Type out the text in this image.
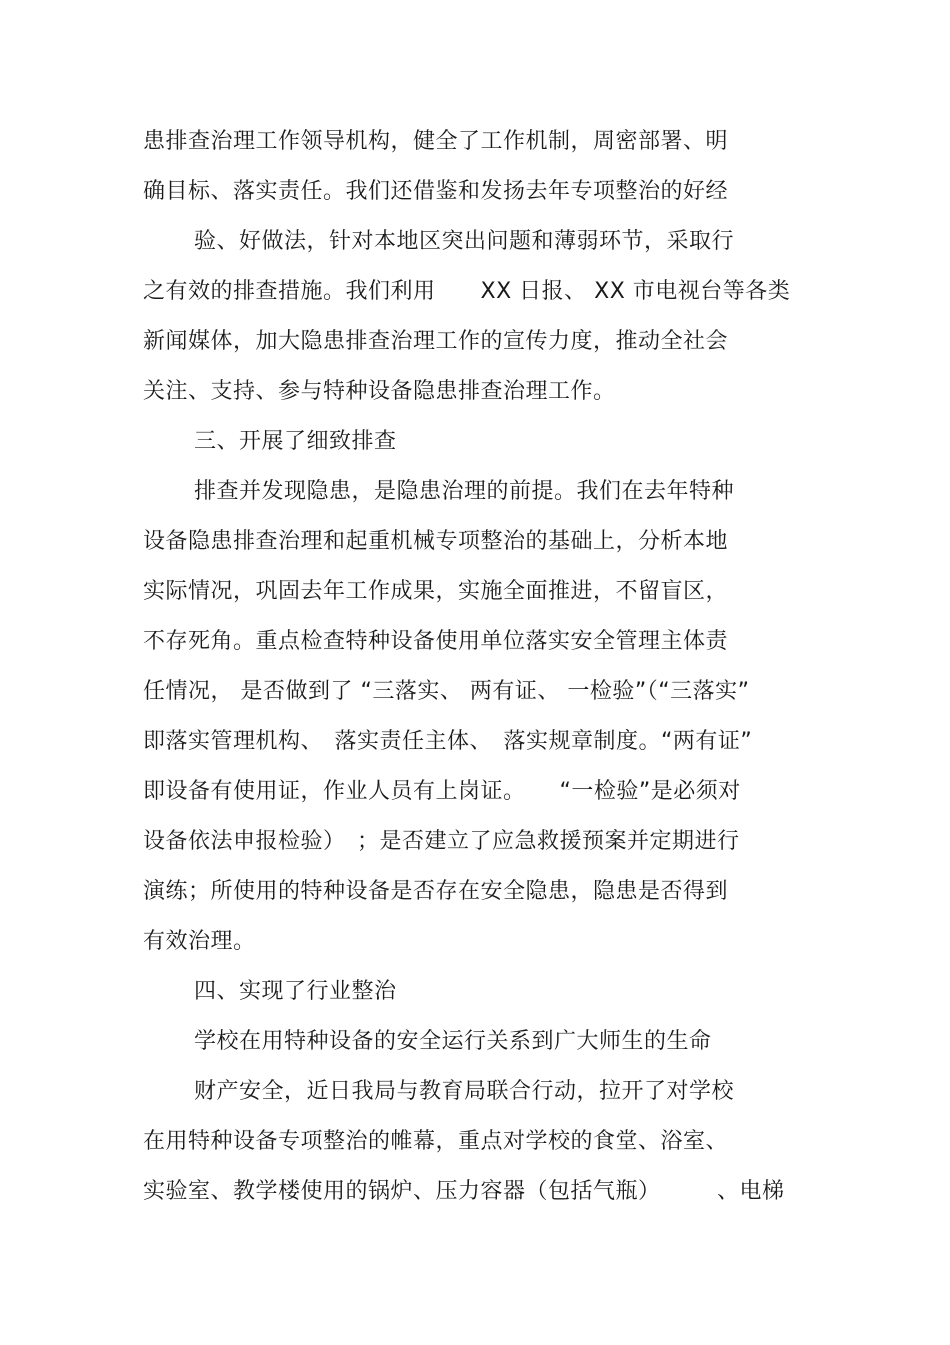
患排查治理工作领导机构，健全了工作机制，周密部署、明
确目标、落实责任。我们还借鉴和发扬去年专项整治的好经
验、好做法，针对本地区突出问题和薄弱环节，采取行
之有效的排查措施。我们利用　　XX 日报、 XX 市电视台等各类
新闻媒体，加大隐患排查治理工作的宣传力度，推动全社会
关注、支持、参与特种设备隐患排查治理工作。
三、开展了细致排查
排查并发现隐患，是隐患治理的前提。我们在去年特种
设备隐患排查治理和起重机械专项整治的基础上，分析本地
实际情况，巩固去年工作成果，实施全面推进，不留盲区，
不存死角。重点检查特种设备使用单位落实安全管理主体责
任情况， 是否做到了 “三落实、 两有证、 一检验”（“三落实”
即落实管理机构、　落实责任主体、　落实规章制度。“两有证”
即设备有使用证，作业人员有上岗证。　　“一检验”是必须对
设备依法申报检验）　；是否建立了应急救援预案并定期进行
演练；所使用的特种设备是否存在安全隐患，隐患是否得到
有效治理。
四、实现了行业整治
学校在用特种设备的安全运行关系到广大师生的生命
财产安全，近日我局与教育局联合行动，拉开了对学校
在用特种设备专项整治的帷幕，重点对学校的食堂、浴室、
实验室、教学楼使用的锅炉、压力容器（包括气瓶）　　　、电梯
